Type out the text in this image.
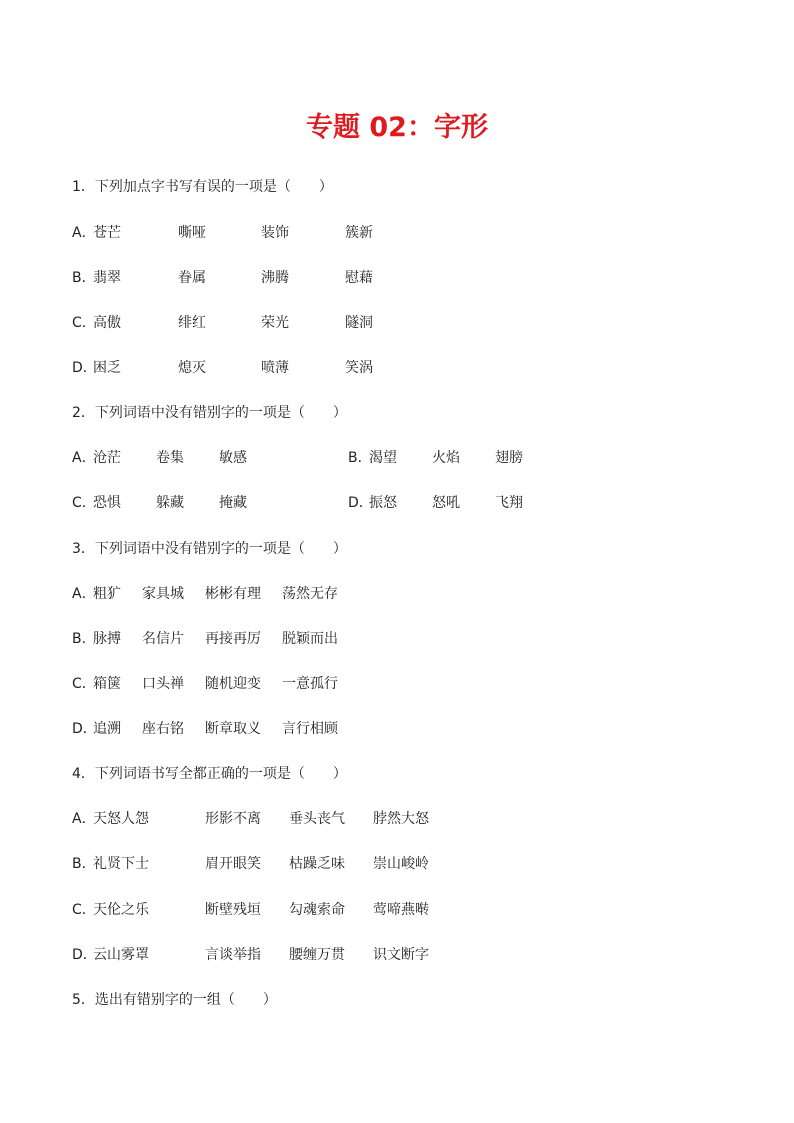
专题 02：字形
1．下列加点字书写有误的一项是（　　）
A．
苍芒	嘶哑	装饰	簇新
B．
翡翠	眷属	沸腾	慰藉
C．
高傲	绯红	荣光	隧洞
D．
困乏	熄灭	喷薄	笑涡
2．下列词语中没有错别字的一项是（　　）
A．
沧茫	卷集	敏感	B．
渴望	火焰	翅膀
C．
恐惧	躲藏	掩藏	D．
振怒	怒吼	飞翔
3．下列词语中没有错别字的一项是（　　）
A．
粗犷 家具城 彬彬有理 荡然无存
B．
脉搏 名信片 再接再厉 脱颖而出
C．
箱箧 口头禅 随机迎变 一意孤行
D．
追溯 座右铭 断章取义 言行相顾
4．下列词语书写全都正确的一项是（　　）
A．
天怒人怨	形影不离 垂头丧气 脖然大怒
B．
礼贤下士	眉开眼笑 枯躁乏味 崇山峻岭
C．
天伦之乐	断壁残垣 勾魂索命 莺啼燕啭
D．
云山雾罩	言谈举指 腰缠万贯 识文断字
5．选出有错别字的一组（　　）
